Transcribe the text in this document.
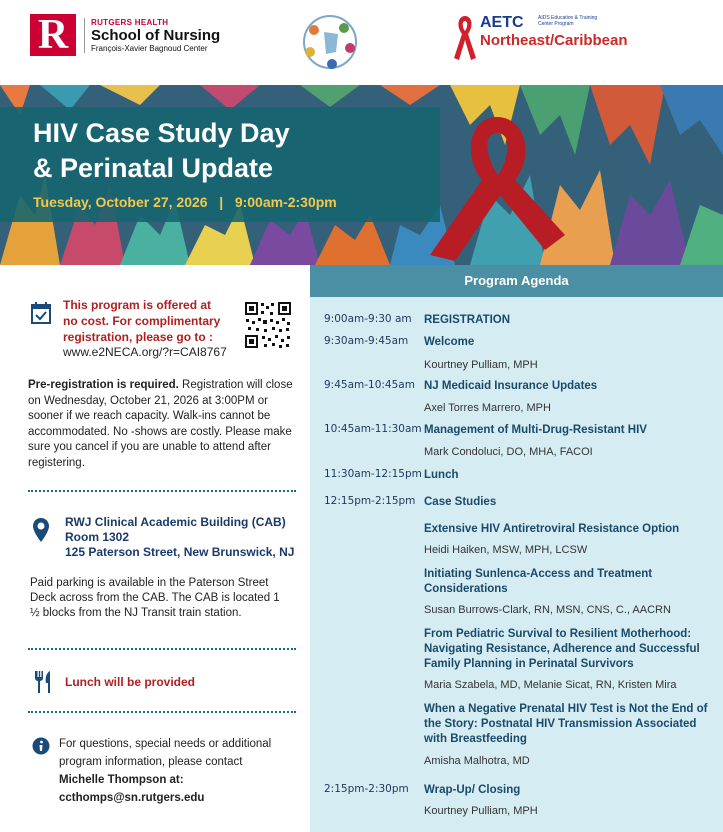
R	RUTGERS HEALTH
School of Nursing
François-Xavier Bagnoud Center
AETC	AIDS Education & Training Center Program
Northeast/Caribbean
HIV Case Study Day
& Perinatal Update
Tuesday, October 27, 2026   |   9:00am-2:30pm
This program is offered at
no cost. For complimentary
registration, please go to :
www.e2NECA.org/?r=CAI8767
Pre-registration is required. Registration will close on Wednesday, October 21, 2026 at 3:00PM or sooner if we reach capacity. Walk-ins cannot be accommodated. No -shows are costly. Please make sure you cancel if you are unable to attend after registering.
RWJ Clinical Academic Building (CAB)
Room 1302
125 Paterson Street, New Brunswick, NJ
Paid parking is available in the Paterson Street Deck across from the CAB. The CAB is located 1 ½ blocks from the NJ Transit train station.
Lunch will be provided
For questions, special needs or additional program information, please contact
Michelle Thompson at:
ccthomps@sn.rutgers.edu
Program Agenda
9:00am-9:30 am	REGISTRATION
9:30am-9:45am	Welcome
Kourtney Pulliam, MPH
9:45am-10:45am NJ Medicaid Insurance Updates
Axel Torres Marrero, MPH
10:45am-11:30am Management of Multi-Drug-Resistant HIV
Mark Condoluci, DO, MHA, FACOI
11:30am-12:15pm Lunch
12:15pm-2:15pm Case Studies
Extensive HIV Antiretroviral Resistance Option
Heidi Haiken, MSW, MPH, LCSW
Initiating Sunlenca-Access and Treatment Considerations
Susan Burrows-Clark, RN, MSN, CNS, C., AACRN
From Pediatric Survival to Resilient Motherhood: Navigating Resistance, Adherence and Successful Family Planning in Perinatal Survivors
Maria Szabela, MD, Melanie Sicat, RN, Kristen Mira
When a Negative Prenatal HIV Test is Not the End of the Story: Postnatal HIV Transmission Associated with Breastfeeding
Amisha Malhotra, MD
2:15pm-2:30pm	Wrap-Up/ Closing
Kourtney Pulliam, MPH
